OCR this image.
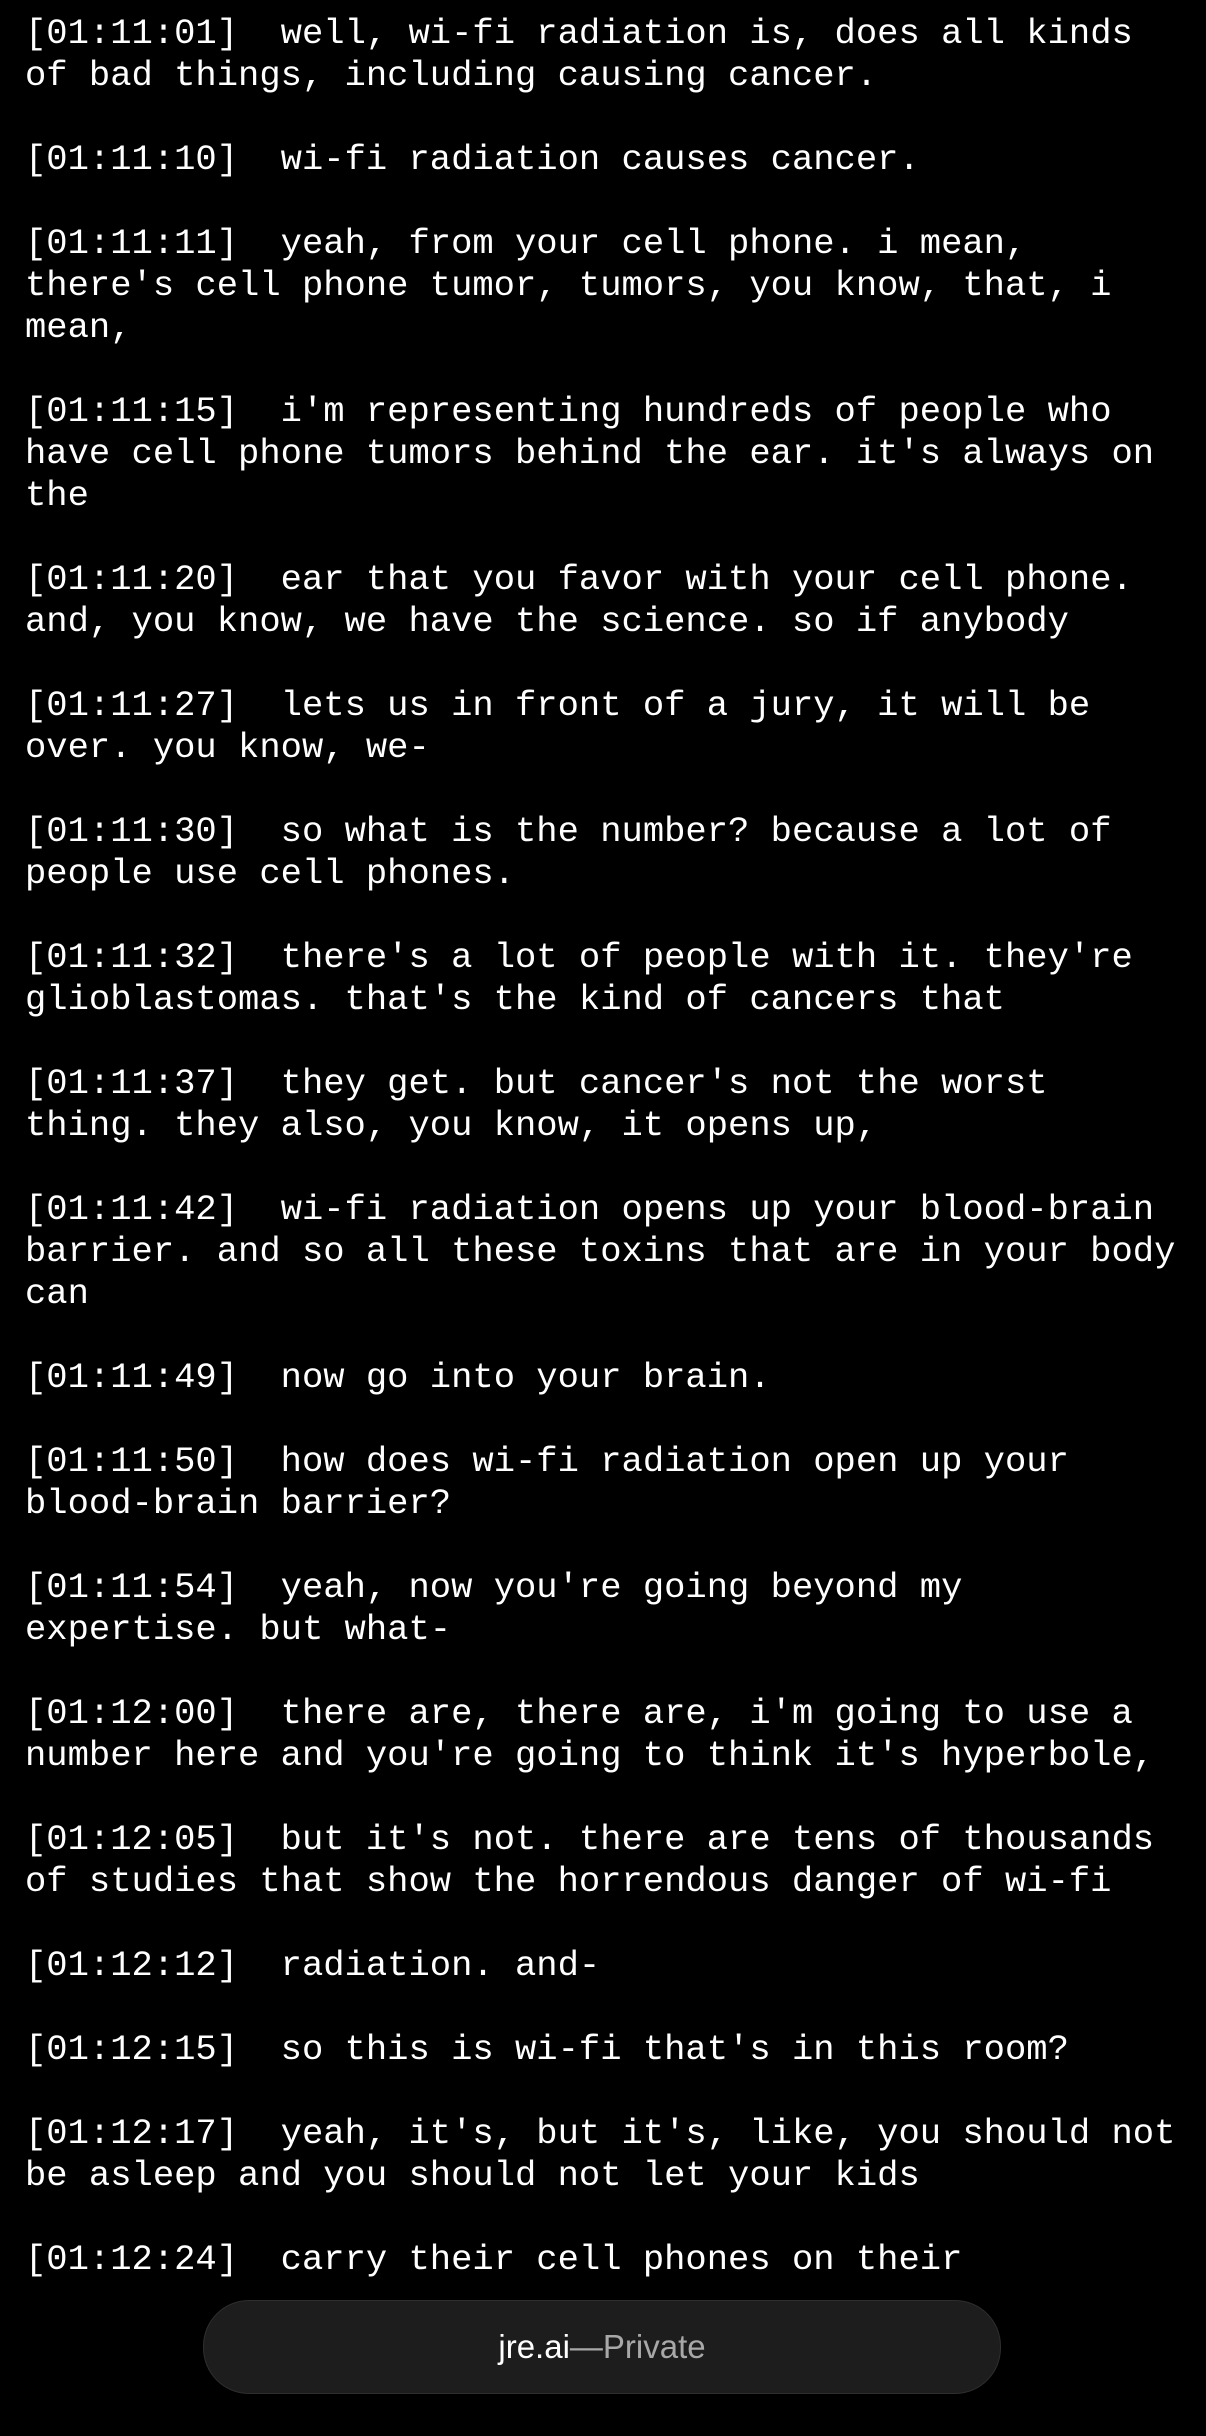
[01:11:01] well, wi-fi radiation is, does all kinds of bad things, including causing cancer.
[01:11:10] wi-fi radiation causes cancer.
[01:11:11] yeah, from your cell phone. i mean, there's cell phone tumor, tumors, you know, that, i mean,
[01:11:15] i'm representing hundreds of people who have cell phone tumors behind the ear. it's always on the
[01:11:20] ear that you favor with your cell phone. and, you know, we have the science. so if anybody
[01:11:27] lets us in front of a jury, it will be over. you know, we-
[01:11:30] so what is the number? because a lot of people use cell phones.
[01:11:32] there's a lot of people with it. they're glioblastomas. that's the kind of cancers that
[01:11:37] they get. but cancer's not the worst thing. they also, you know, it opens up,
[01:11:42] wi-fi radiation opens up your blood-brain barrier. and so all these toxins that are in your body can
[01:11:49] now go into your brain.
[01:11:50] how does wi-fi radiation open up your blood-brain barrier?
[01:11:54] yeah, now you're going beyond my expertise. but what-
[01:12:00] there are, there are, i'm going to use a number here and you're going to think it's hyperbole,
[01:12:05] but it's not. there are tens of thousands of studies that show the horrendous danger of wi-fi
[01:12:12] radiation. and-
[01:12:15] so this is wi-fi that's in this room?
[01:12:17] yeah, it's, but it's, like, you should not be asleep and you should not let your kids
[01:12:24] carry their cell phones on their
jre.ai — Private
